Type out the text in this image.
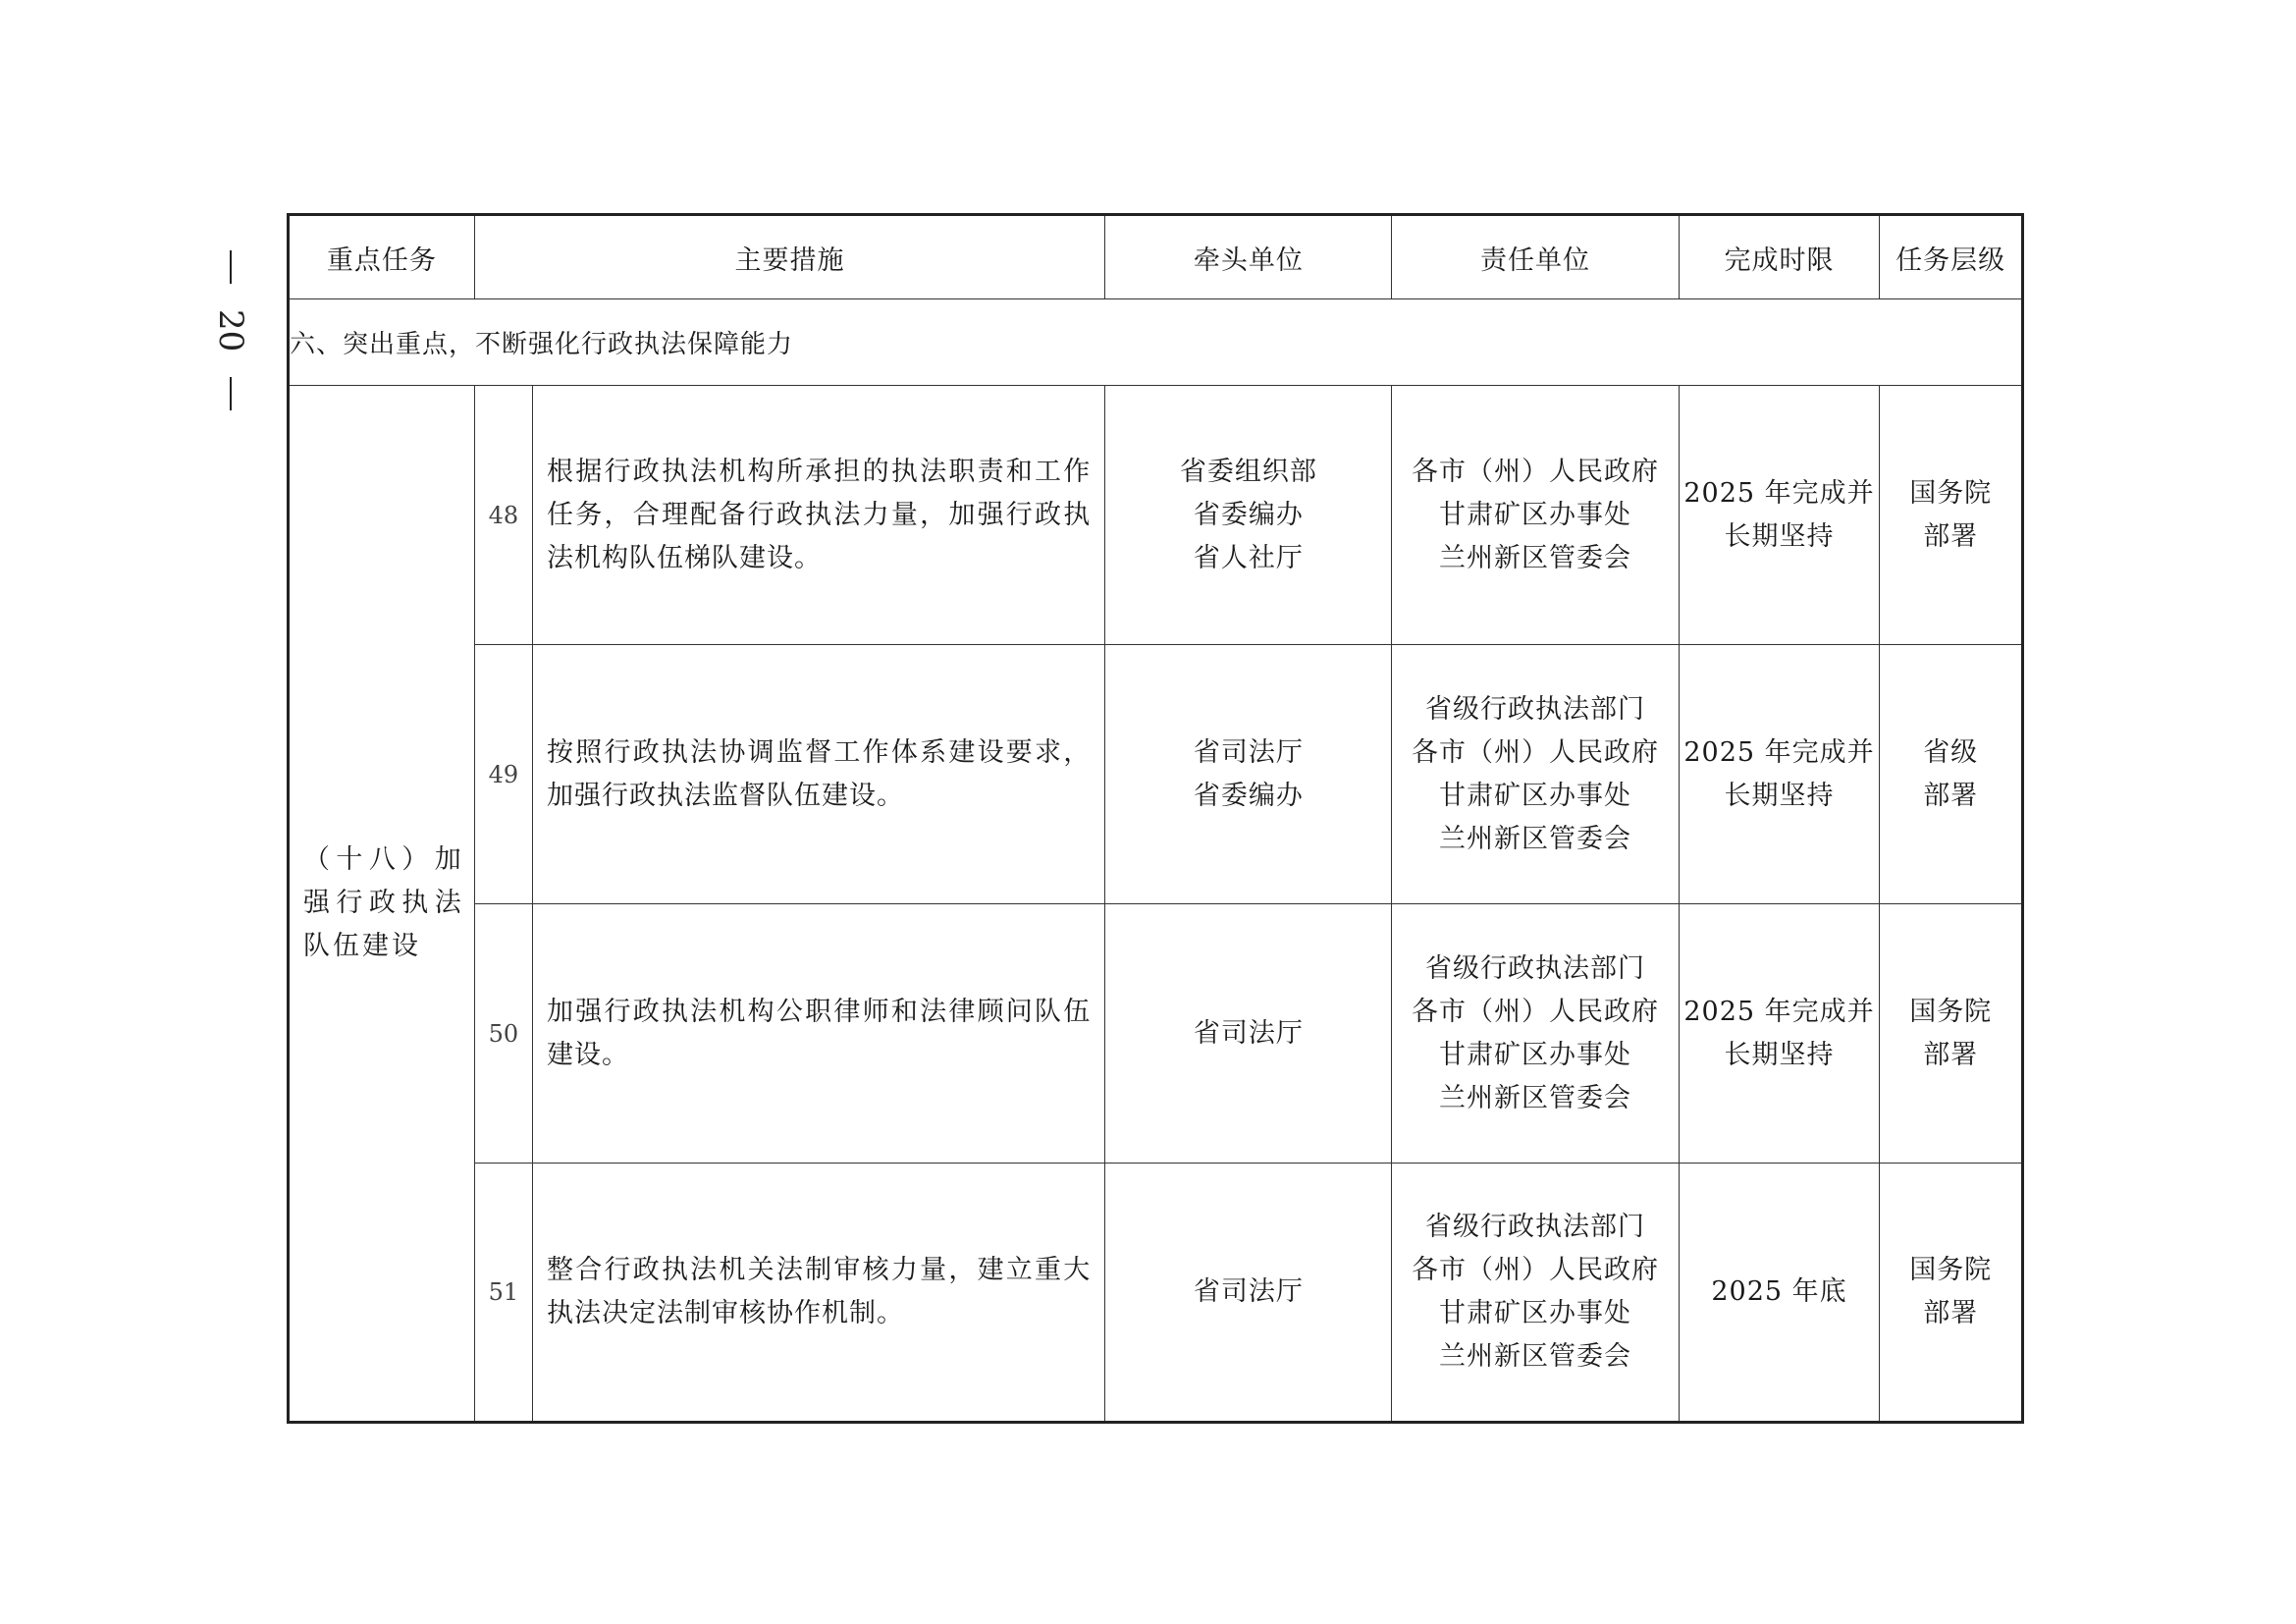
20
重点任务	主要措施		牵头单位	责任单位	完成时限	任务层级
六、突出重点，不断强化行政执法保障能力						
（十八）加强行政执法队伍建设	48	根据行政执法机构所承担的执法职责和工作任务，合理配备行政执法力量，加强行政执法机构队伍梯队建设。	省委组织部
省委编办
省人社厅	各市（州）人民政府
甘肃矿区办事处
兰州新区管委会	2025 年完成并
长期坚持	国务院
部署

	49	按照行政执法协调监督工作体系建设要求，加强行政执法监督队伍建设。	省司法厅
省委编办	省级行政执法部门
各市（州）人民政府
甘肃矿区办事处
兰州新区管委会	2025 年完成并
长期坚持	省级
部署

	50	加强行政执法机构公职律师和法律顾问队伍建设。	省司法厅	省级行政执法部门
各市（州）人民政府
甘肃矿区办事处
兰州新区管委会	2025 年完成并
长期坚持	国务院
部署

	51	整合行政执法机关法制审核力量，建立重大执法决定法制审核协作机制。	省司法厅	省级行政执法部门
各市（州）人民政府
甘肃矿区办事处
兰州新区管委会	2025 年底	国务院
部署
